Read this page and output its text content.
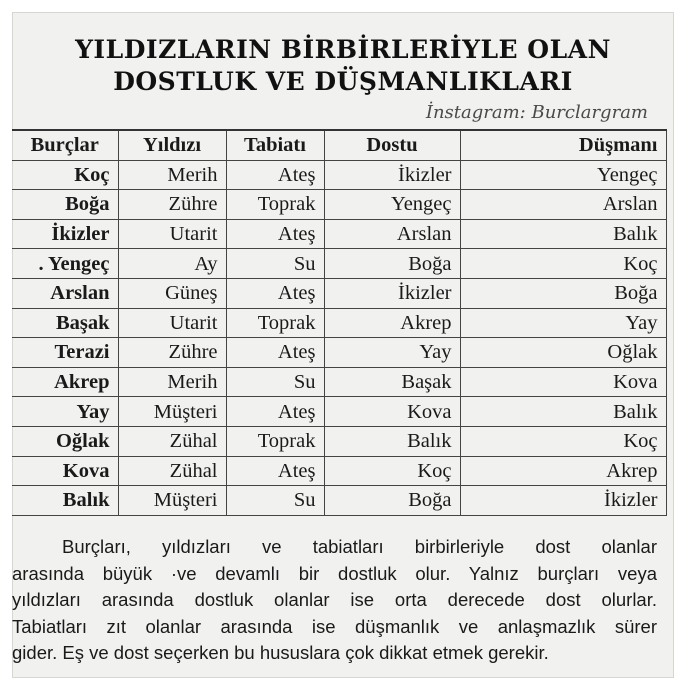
YILDIZLARIN BİRBİRLERİYLE OLAN
DOSTLUK VE DÜŞMANLIKLARI
İnstagram: Burclargram
Burçlar	Yıldızı	Tabiatı	Dostu	Düşmanı
Koç	Merih	Ateş	İkizler	Yengeç
Boğa	Zühre	Toprak	Yengeç	Arslan
İkizler	Utarit	Ateş	Arslan	Balık
. Yengeç	Ay	Su	Boğa	Koç
Arslan	Güneş	Ateş	İkizler	Boğa
Başak	Utarit	Toprak	Akrep	Yay
Terazi	Zühre	Ateş	Yay	Oğlak
Akrep	Merih	Su	Başak	Kova
Yay	Müşteri	Ateş	Kova	Balık
Oğlak	Zühal	Toprak	Balık	Koç
Kova	Zühal	Ateş	Koç	Akrep
Balık	Müşteri	Su	Boğa	İkizler
Burçları, yıldızları ve tabiatları birbirleriyle dost olanlar
arasında büyük ·ve devamlı bir dostluk olur. Yalnız burçları veya
yıldızları arasında dostluk olanlar ise orta derecede dost olurlar.
Tabiatları zıt olanlar arasında ise düşmanlık ve anlaşmazlık sürer
gider. Eş ve dost seçerken bu hususlara çok dikkat etmek gerekir.
